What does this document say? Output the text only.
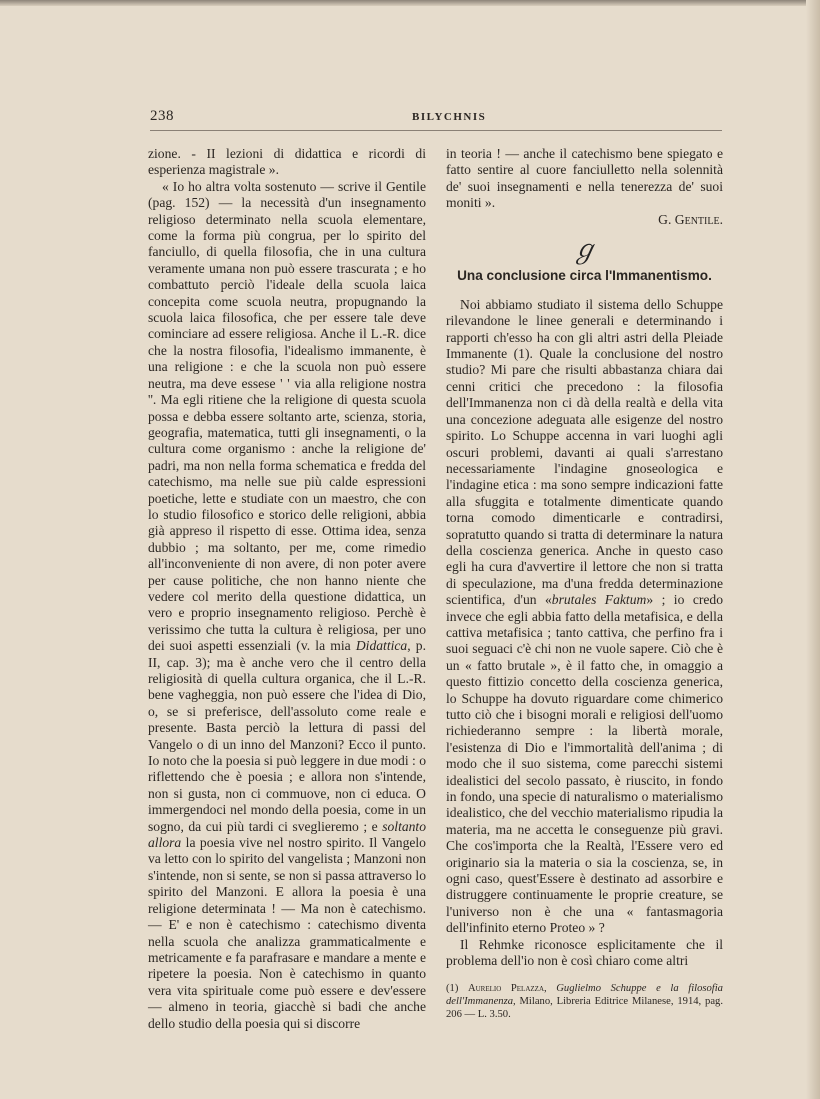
238	BILYCHNIS

zione. - II lezioni di didattica e ricordi di esperienza magistrale ».

« Io ho altra volta sostenuto — scrive il Gentile (pag. 152) — la necessità d'un insegnamento religioso determinato nella scuola elementare, come la forma più congrua, per lo spirito del fanciullo, di quella filosofia, che in una cultura veramente umana non può essere trascurata ; e ho combattuto perciò l'ideale della scuola laica concepita come scuola neutra, propugnando la scuola laica filosofica, che per essere tale deve cominciare ad essere religiosa. Anche il L.-R. dice che la nostra filosofia, l'idealismo immanente, è una religione : e che la scuola non può essere neutra, ma deve essese ' ' via alla religione nostra ''. Ma egli ritiene che la religione di questa scuola possa e debba essere soltanto arte, scienza, storia, geografia, matematica, tutti gli insegnamenti, o la cultura come organismo : anche la religione de' padri, ma non nella forma schematica e fredda del catechismo, ma nelle sue più calde espressioni poetiche, lette e studiate con un maestro, che con lo studio filosofico e storico delle religioni, abbia già appreso il rispetto di esse. Ottima idea, senza dubbio ; ma soltanto, per me, come rimedio all'inconveniente di non avere, di non poter avere per cause politiche, che non hanno niente che vedere col merito della questione didattica, un vero e proprio insegnamento religioso. Perchè è verissimo che tutta la cultura è religiosa, per uno dei suoi aspetti essenziali (v. la mia Didattica, p. II, cap. 3); ma è anche vero che il centro della religiosità di quella cultura organica, che il L.-R. bene vagheggia, non può essere che l'idea di Dio, o, se si preferisce, dell'assoluto come reale e presente. Basta perciò la lettura di passi del Vangelo o di un inno del Manzoni? Ecco il punto. Io noto che la poesia si può leggere in due modi : o riflettendo che è poesia ; e allora non s'intende, non si gusta, non ci commuove, non ci educa. O immergendoci nel mondo della poesia, come in un sogno, da cui più tardi ci sveglieremo ; e soltanto allora la poesia vive nel nostro spirito. Il Vangelo va letto con lo spirito del vangelista ; Manzoni non s'intende, non si sente, se non si passa attraverso lo spirito del Manzoni. E allora la poesia è una religione determinata ! — Ma non è catechismo. — E' e non è catechismo : catechismo diventa nella scuola che analizza grammaticalmente e metricamente e fa parafrasare e mandare a mente e ripetere la poesia. Non è catechismo in quanto vera vita spirituale come può essere e dev'essere — almeno in teoria, giacchè si badi che anche dello studio della poesia qui si discorre

in teoria ! — anche il catechismo bene spiegato e fatto sentire al cuore fanciulletto nella solennità de' suoi insegnamenti e nella tenerezza de' suoi moniti ».

G. Gentile.

ℊ
Una conclusione circa l'Immanentismo.

Noi abbiamo studiato il sistema dello Schuppe rilevandone le linee generali e determinando i rapporti ch'esso ha con gli altri astri della Pleiade Immanente (1). Quale la conclusione del nostro studio? Mi pare che risulti abbastanza chiara dai cenni critici che precedono : la filosofia dell'Immanenza non ci dà della realtà e della vita una concezione adeguata alle esigenze del nostro spirito. Lo Schuppe accenna in vari luoghi agli oscuri problemi, davanti ai quali s'arrestano necessariamente l'indagine gnoseologica e l'indagine etica : ma sono sempre indicazioni fatte alla sfuggita e totalmente dimenticate quando torna comodo dimenticarle e contradirsi, sopratutto quando si tratta di determinare la natura della coscienza generica. Anche in questo caso egli ha cura d'avvertire il lettore che non si tratta di speculazione, ma d'una fredda determinazione scientifica, d'un «brutales Faktum» ; io credo invece che egli abbia fatto della metafisica, e della cattiva metafisica ; tanto cattiva, che perfino fra i suoi seguaci c'è chi non ne vuole sapere. Ciò che è un « fatto brutale », è il fatto che, in omaggio a questo fittizio concetto della coscienza generica, lo Schuppe ha dovuto riguardare come chimerico tutto ciò che i bisogni morali e religiosi dell'uomo richiederanno sempre : la libertà morale, l'esistenza di Dio e l'immortalità dell'anima ; di modo che il suo sistema, come parecchi sistemi idealistici del secolo passato, è riuscito, in fondo in fondo, una specie di naturalismo o materialismo idealistico, che del vecchio materialismo ripudia la materia, ma ne accetta le conseguenze più gravi. Che cos'importa che la Realtà, l'Essere vero ed originario sia la materia o sia la coscienza, se, in ogni caso, quest'Essere è destinato ad assorbire e distruggere continuamente le proprie creature, se l'universo non è che una « fantasmagoria dell'infinito eterno Proteo » ?

Il Rehmke riconosce esplicitamente che il problema dell'io non è così chiaro come altri

(1) Aurelio Pelazza, Guglielmo Schuppe e la filosofia dell'Immanenza, Milano, Libreria Editrice Milanese, 1914, pag. 206 — L. 3.50.
